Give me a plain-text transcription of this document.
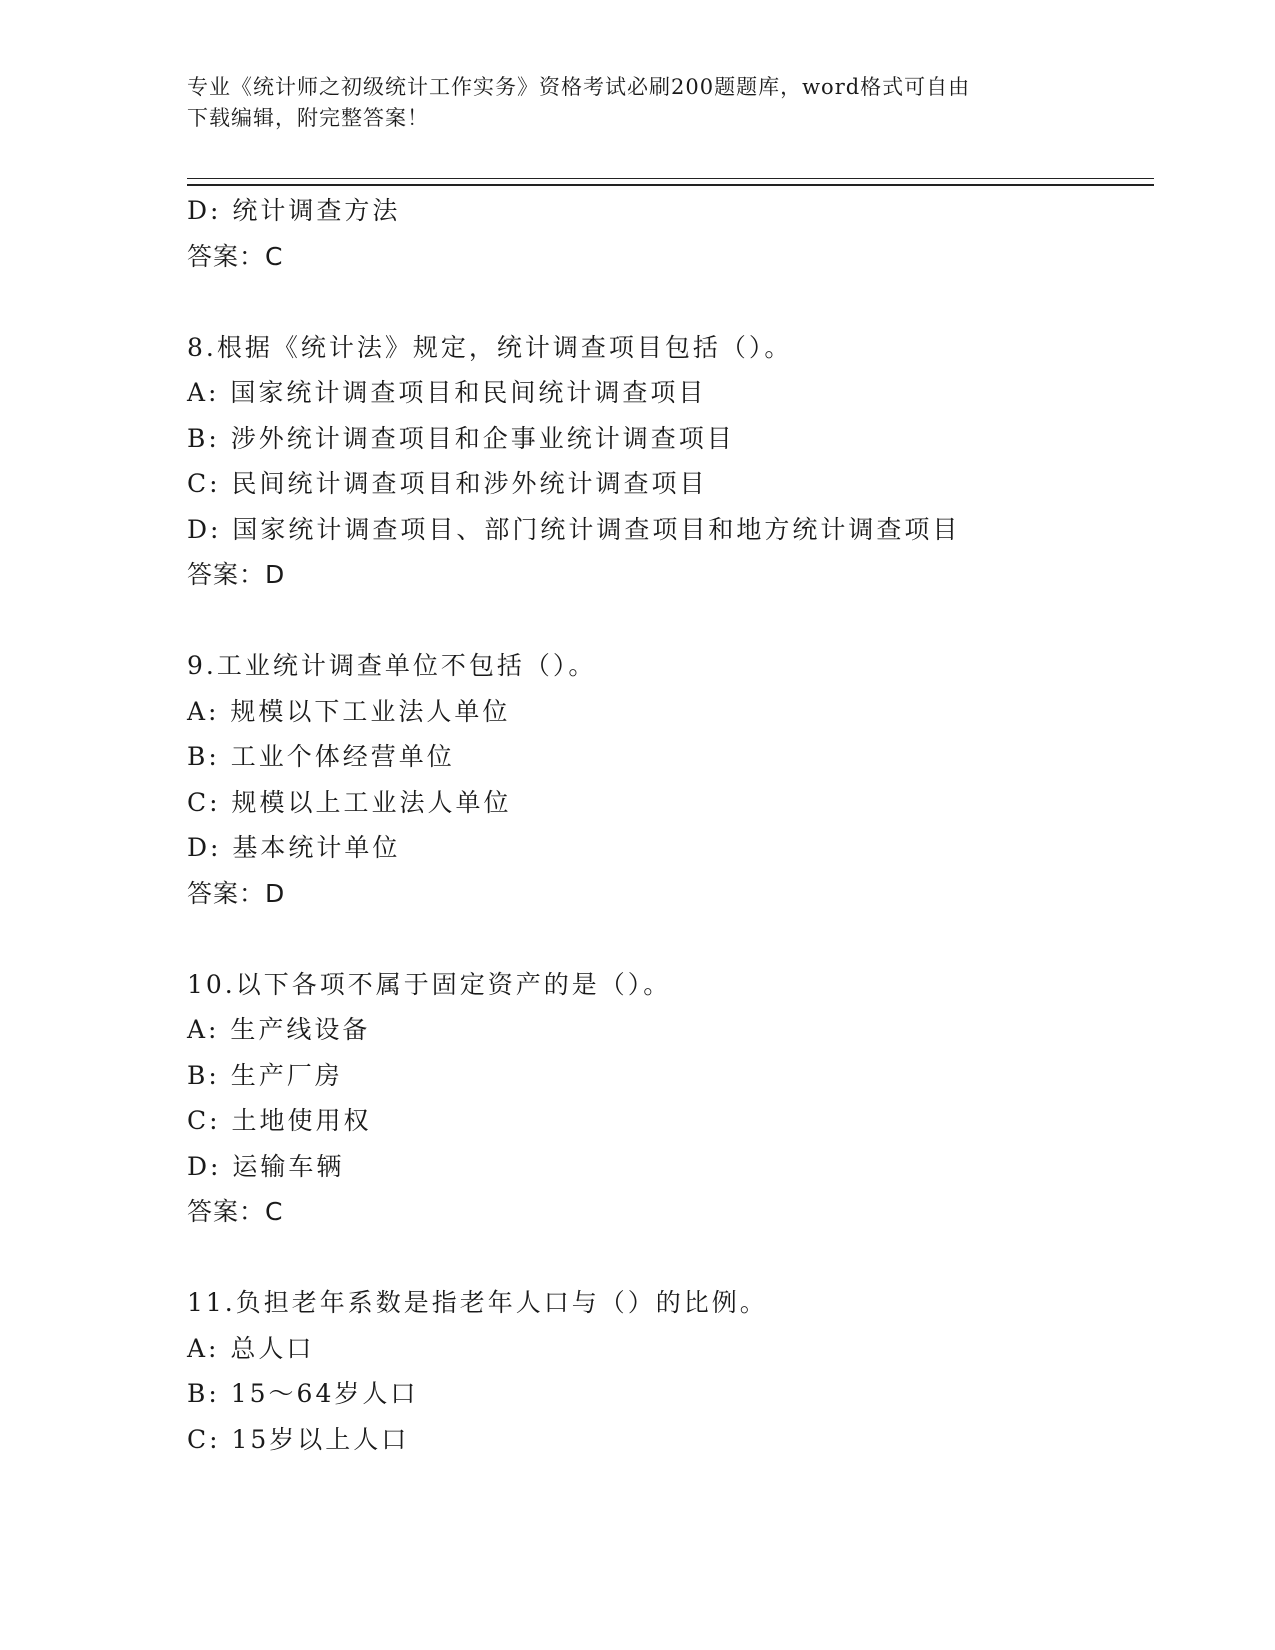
专业《统计师之初级统计工作实务》资格考试必刷200题题库，word格式可自由
下载编辑，附完整答案！
D: 统计调查方法
答案：C
8.根据《统计法》规定，统计调查项目包括（）。
A: 国家统计调查项目和民间统计调查项目
B: 涉外统计调查项目和企事业统计调查项目
C: 民间统计调查项目和涉外统计调查项目
D: 国家统计调查项目、部门统计调查项目和地方统计调查项目
答案：D
9.工业统计调查单位不包括（）。
A: 规模以下工业法人单位
B: 工业个体经营单位
C: 规模以上工业法人单位
D: 基本统计单位
答案：D
10.以下各项不属于固定资产的是（）。
A: 生产线设备
B: 生产厂房
C: 土地使用权
D: 运输车辆
答案：C
11.负担老年系数是指老年人口与（）的比例。
A: 总人口
B: 15～64岁人口
C: 15岁以上人口
